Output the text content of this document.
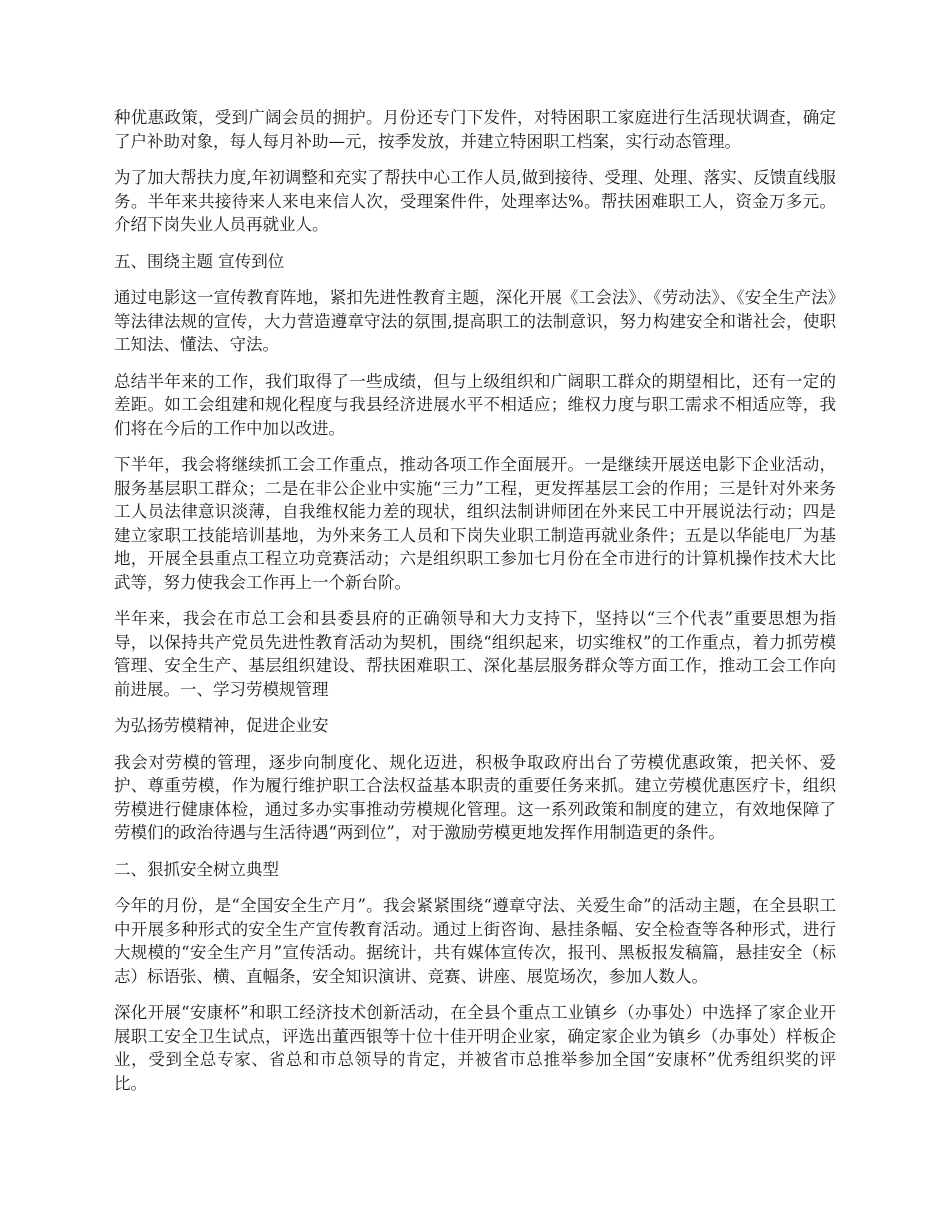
种优惠政策，受到广阔会员的拥护。月份还专门下发件，对特困职工家庭进行生活现状调查，确定了户补助对象，每人每月补助—元，按季发放，并建立特困职工档案，实行动态管理。

为了加大帮扶力度,年初调整和充实了帮扶中心工作人员,做到接待、受理、处理、落实、反馈直线服务。半年来共接待来人来电来信人次，受理案件件，处理率达%。帮扶困难职工人，资金万多元。介绍下岗失业人员再就业人。

五、围绕主题 宣传到位

通过电影这一宣传教育阵地，紧扣先进性教育主题，深化开展《工会法》、《劳动法》、《安全生产法》等法律法规的宣传，大力营造遵章守法的氛围,提高职工的法制意识，努力构建安全和谐社会，使职工知法、懂法、守法。

总结半年来的工作，我们取得了一些成绩，但与上级组织和广阔职工群众的期望相比，还有一定的差距。如工会组建和规化程度与我县经济进展水平不相适应；维权力度与职工需求不相适应等，我们将在今后的工作中加以改进。

下半年，我会将继续抓工会工作重点，推动各项工作全面展开。一是继续开展送电影下企业活动，服务基层职工群众；二是在非公企业中实施“三力”工程，更发挥基层工会的作用；三是针对外来务工人员法律意识淡薄，自我维权能力差的现状，组织法制讲师团在外来民工中开展说法行动；四是建立家职工技能培训基地，为外来务工人员和下岗失业职工制造再就业条件；五是以华能电厂为基地，开展全县重点工程立功竞赛活动；六是组织职工参加七月份在全市进行的计算机操作技术大比武等，努力使我会工作再上一个新台阶。

半年来，我会在市总工会和县委县府的正确领导和大力支持下，坚持以“三个代表”重要思想为指导，以保持共产党员先进性教育活动为契机，围绕“组织起来，切实维权”的工作重点，着力抓劳模管理、安全生产、基层组织建设、帮扶困难职工、深化基层服务群众等方面工作，推动工会工作向前进展。一、学习劳模规管理

为弘扬劳模精神，促进企业安

我会对劳模的管理，逐步向制度化、规化迈进，积极争取政府出台了劳模优惠政策，把关怀、爱护、尊重劳模，作为履行维护职工合法权益基本职责的重要任务来抓。建立劳模优惠医疗卡，组织劳模进行健康体检，通过多办实事推动劳模规化管理。这一系列政策和制度的建立，有效地保障了劳模们的政治待遇与生活待遇“两到位”，对于激励劳模更地发挥作用制造更的条件。

二、狠抓安全树立典型

今年的月份，是“全国安全生产月”。我会紧紧围绕“遵章守法、关爱生命”的活动主题，在全县职工中开展多种形式的安全生产宣传教育活动。通过上街咨询、悬挂条幅、安全检查等各种形式，进行大规模的“安全生产月”宣传活动。据统计，共有媒体宣传次，报刊、黑板报发稿篇，悬挂安全（标志）标语张、横、直幅条，安全知识演讲、竞赛、讲座、展览场次，参加人数人。

深化开展“安康杯”和职工经济技术创新活动，在全县个重点工业镇乡（办事处）中选择了家企业开展职工安全卫生试点，评选出董西银等十位十佳开明企业家，确定家企业为镇乡（办事处）样板企业，受到全总专家、省总和市总领导的肯定，并被省市总推举参加全国“安康杯”优秀组织奖的评比。
